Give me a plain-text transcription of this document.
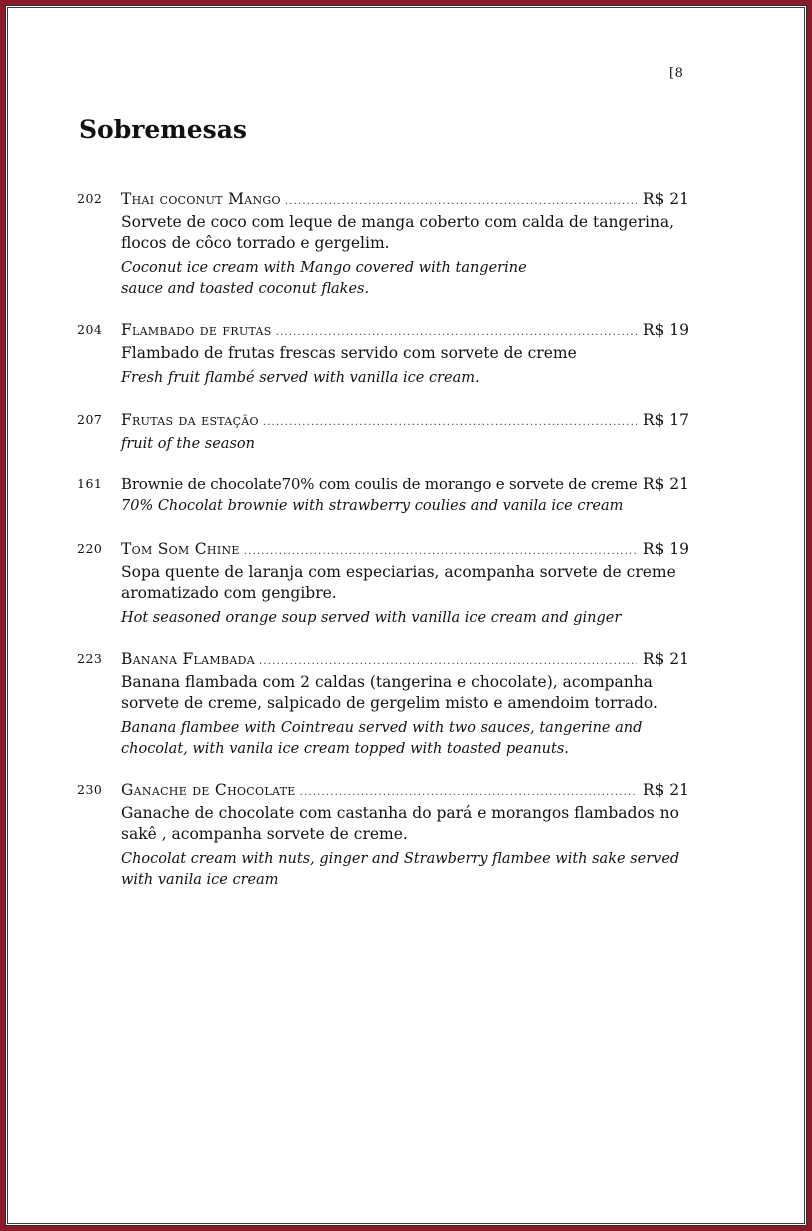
[8
Sobremesas
202 Thai coconut Mango .....	R$ 21

Sorvete de coco com leque de manga coberto com calda de tangerina, flocos de côco torrado e gergelim.

Coconut ice cream with Mango covered with tangerine sauce and toasted coconut flakes.

204 Flambado de frutas .....	R$ 19

Flambado de frutas frescas servido com sorvete de creme

Fresh fruit flambé served with vanilla ice cream.

207 Frutas da estação .....	R$ 17

fruit of the season

161 Brownie de chocolate70% com coulis de morango e sorvete de creme R$ 21

70% Chocolat brownie with strawberry coulies and vanila ice cream

220 Tom Som Chine .....	R$ 19

Sopa quente de laranja com especiarias, acompanha sorvete de creme aromatizado com gengibre.

Hot seasoned orange soup served with vanilla ice cream and ginger

223 Banana Flambada .....	R$ 21

Banana flambada com 2 caldas (tangerina e chocolate), acompanha sorvete de creme, salpicado de gergelim misto e amendoim torrado.

Banana flambee with Cointreau served with two sauces, tangerine and chocolat, with vanila ice cream topped with toasted peanuts.

230 Ganache de Chocolate .....	R$ 21

Ganache de chocolate com castanha do pará e morangos flambados no sakê , acompanha sorvete de creme.

Chocolat cream with nuts, ginger and Strawberry flambee with sake served with vanila ice cream
